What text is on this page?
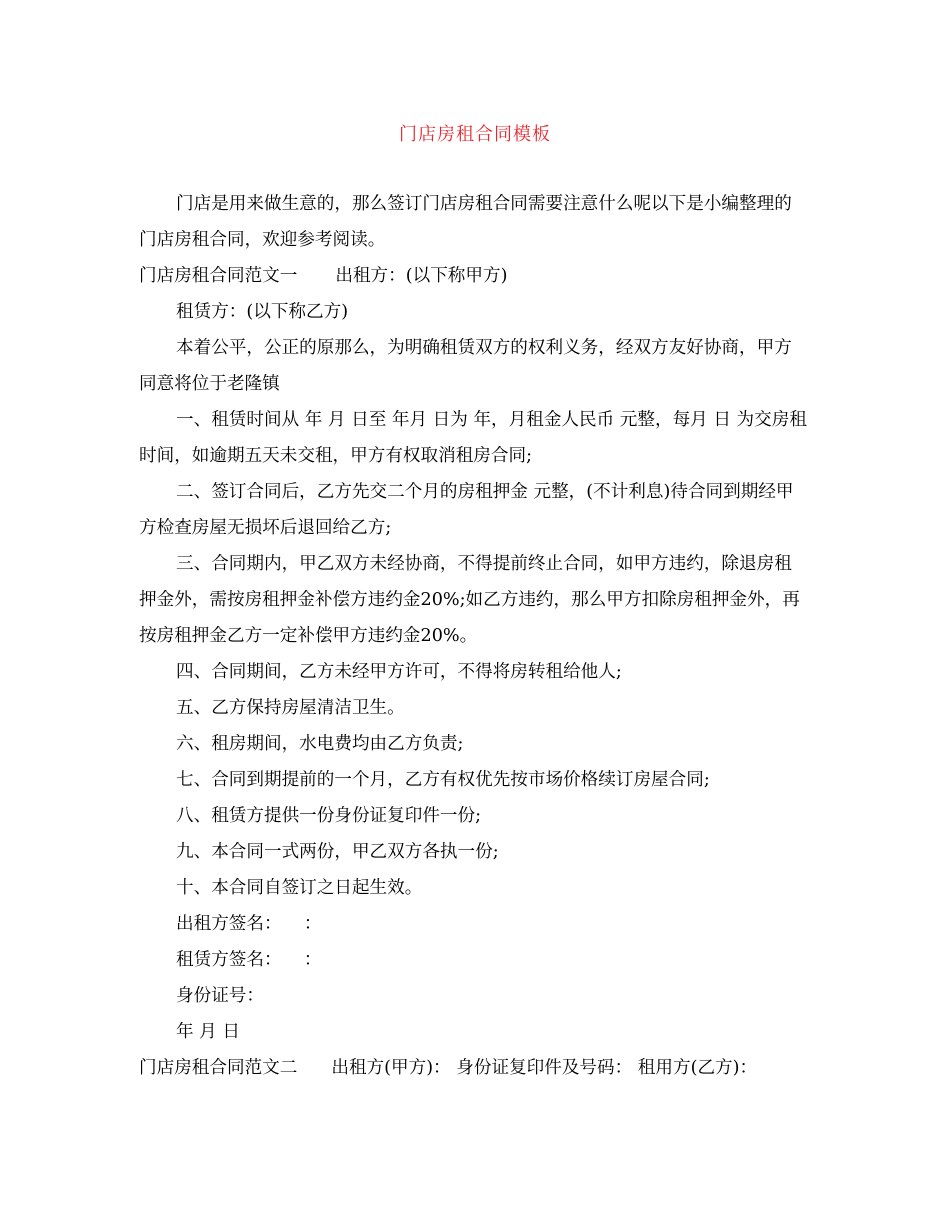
门店房租合同模板

门店是用来做生意的，那么签订门店房租合同需要注意什么呢以下是小编整理的门店房租合同，欢迎参考阅读。

门店房租合同范文一 出租方：(以下称甲方)

租赁方：(以下称乙方)

本着公平，公正的原那么，为明确租赁双方的权利义务，经双方友好协商，甲方同意将位于老隆镇

一、租赁时间从 年 月 日至 年月 日为 年，月租金人民币 元整，每月 日 为交房租时间，如逾期五天未交租，甲方有权取消租房合同;

二、签订合同后，乙方先交二个月的房租押金 元整，(不计利息)待合同到期经甲方检查房屋无损坏后退回给乙方;

三、合同期内，甲乙双方未经协商，不得提前终止合同，如甲方违约，除退房租押金外，需按房租押金补偿方违约金20%;如乙方违约，那么甲方扣除房租押金外，再按房租押金乙方一定补偿甲方违约金20%。

四、合同期间，乙方未经甲方许可，不得将房转租给他人;

五、乙方保持房屋清洁卫生。

六、租房期间，水电费均由乙方负责;

七、合同到期提前的一个月，乙方有权优先按市场价格续订房屋合同;

八、租赁方提供一份身份证复印件一份;

九、本合同一式两份，甲乙双方各执一份;

十、本合同自签订之日起生效。

出租方签名：    ：

租赁方签名：    ：

身份证号：

年 月 日

门店房租合同范文二 出租方(甲方)： 身份证复印件及号码： 租用方(乙方)：
